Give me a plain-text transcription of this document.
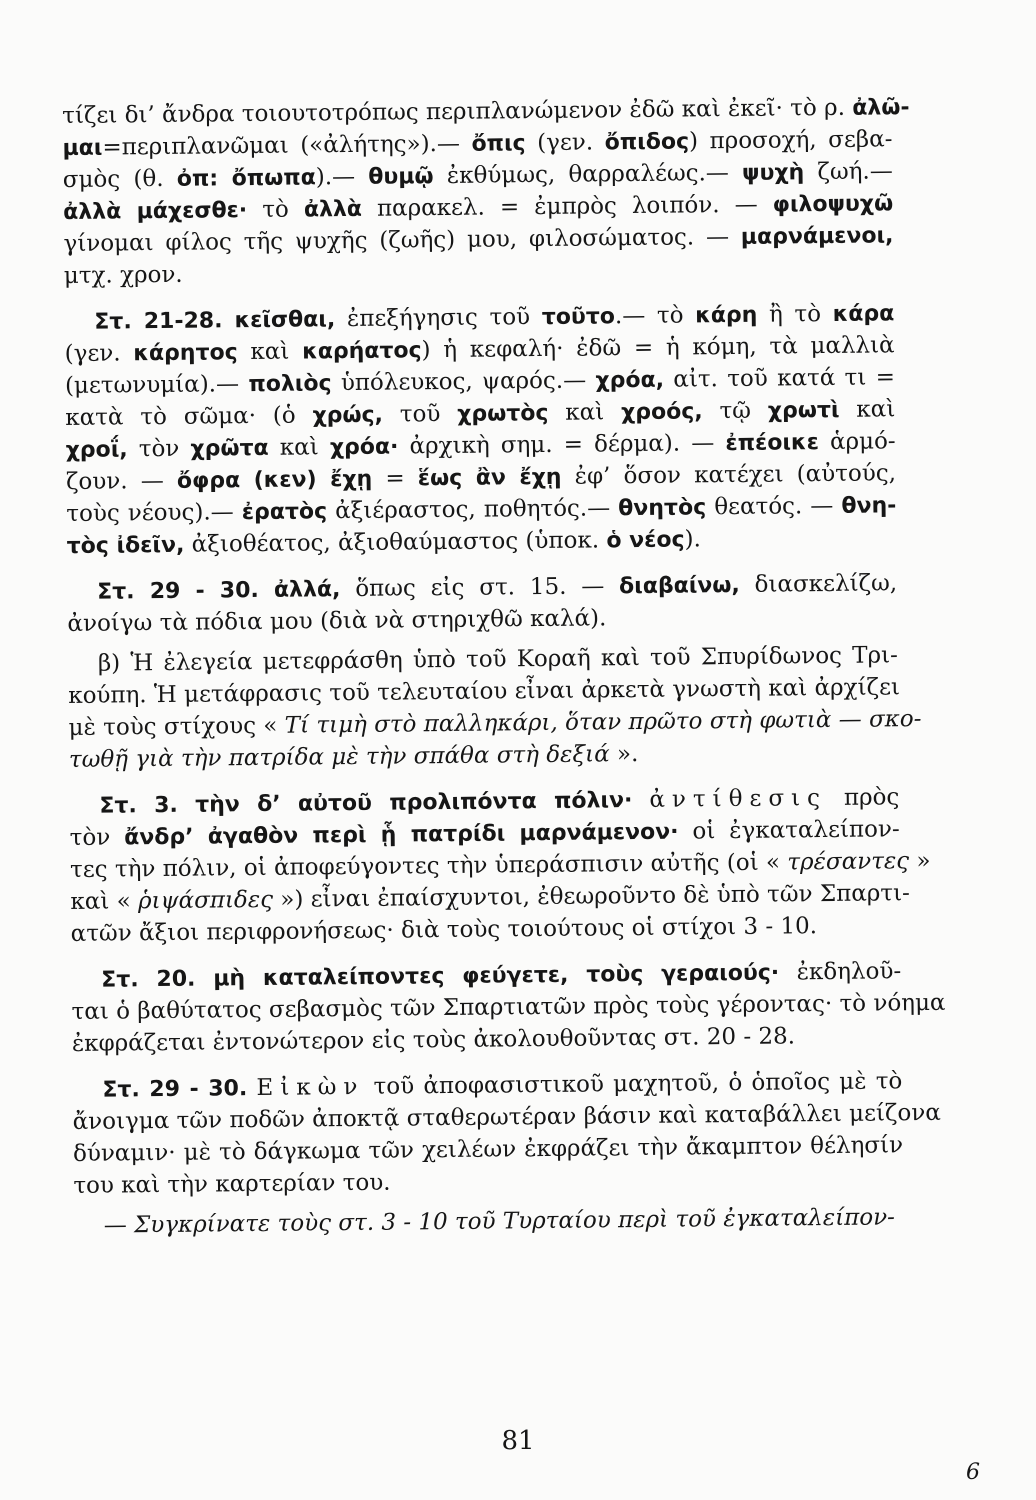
τίζει δι’ ἄνδρα τοιουτοτρόπως περιπλανώμενον ἐδῶ καὶ ἐκεῖ· τὸ ρ. ἀλῶ-
μαι=περιπλανῶμαι («ἀλήτης»).— ὄπις (γεν. ὄπιδος) προσοχή, σεβα-
σμὸς (θ. ὀπ: ὄπωπα).— θυμῷ ἐκθύμως, θαρραλέως.— ψυχὴ ζωή.—
ἀλλὰ μάχεσθε· τὸ ἀλλὰ παρακελ. = ἐμπρὸς λοιπόν. — φιλοψυχῶ
γίνομαι φίλος τῆς ψυχῆς (ζωῆς) μου, φιλοσώματος. — μαρνάμενοι,
μτχ. χρον.
Στ. 21-28. κεῖσθαι, ἐπεξήγησις τοῦ τοῦτο.— τὸ κάρη ἢ τὸ κάρα
(γεν. κάρητος καὶ καρήατος) ἡ κεφαλή· ἐδῶ = ἡ κόμη, τὰ μαλλιὰ
(μετωνυμία).— πολιὸς ὑπόλευκος, ψαρός.— χρόα, αἰτ. τοῦ κατά τι =
κατὰ τὸ σῶμα· (ὁ χρώς, τοῦ χρωτὸς καὶ χροός, τῷ χρωτὶ καὶ
χροΐ, τὸν χρῶτα καὶ χρόα· ἀρχικὴ σημ. = δέρμα). — ἐπέοικε ἁρμό-
ζουν. — ὄφρα (κεν) ἔχῃ = ἕως ἂν ἔχῃ ἐφ’ ὅσον κατέχει (αὐτούς,
τοὺς νέους).— ἐρατὸς ἀξιέραστος, ποθητός.— θνητὸς θεατός. — θνη-
τὸς ἰδεῖν, ἀξιοθέατος, ἀξιοθαύμαστος (ὑποκ. ὁ νέος).
Στ. 29 - 30. ἀλλά, ὅπως εἰς στ. 15. — διαβαίνω, διασκελίζω,
ἀνοίγω τὰ πόδια μου (διὰ νὰ στηριχθῶ καλά).
β) Ἡ ἐλεγεία μετεφράσθη ὑπὸ τοῦ Κοραῆ καὶ τοῦ Σπυρίδωνος Τρι-
κούπη. Ἡ μετάφρασις τοῦ τελευταίου εἶναι ἀρκετὰ γνωστὴ καὶ ἀρχίζει
μὲ τοὺς στίχους « Τί τιμὴ στὸ παλληκάρι, ὅταν πρῶτο στὴ φωτιὰ — σκο-
τωθῇ γιὰ τὴν πατρίδα μὲ τὴν σπάθα στὴ δεξιά ».
Στ. 3. τὴν δ’ αὐτοῦ προλιπόντα πόλιν· ἀντίθεσις πρὸς
τὸν ἄνδρ’ ἀγαθὸν περὶ ᾗ πατρίδι μαρνάμενον· οἱ ἐγκαταλείπον-
τες τὴν πόλιν, οἱ ἀποφεύγοντες τὴν ὑπεράσπισιν αὐτῆς (οἱ « τρέσαντες »
καὶ « ῥιψάσπιδες ») εἶναι ἐπαίσχυντοι, ἐθεωροῦντο δὲ ὑπὸ τῶν Σπαρτι-
ατῶν ἄξιοι περιφρονήσεως· διὰ τοὺς τοιούτους οἱ στίχοι 3 - 10.
Στ. 20. μὴ καταλείποντες φεύγετε, τοὺς γεραιούς· ἐκδηλοῦ-
ται ὁ βαθύτατος σεβασμὸς τῶν Σπαρτιατῶν πρὸς τοὺς γέροντας· τὸ νόημα
ἐκφράζεται ἐντονώτερον εἰς τοὺς ἀκολουθοῦντας στ. 20 - 28.
Στ. 29 - 30. Εἰκὼν τοῦ ἀποφασιστικοῦ μαχητοῦ, ὁ ὁποῖος μὲ τὸ
ἄνοιγμα τῶν ποδῶν ἀποκτᾷ σταθερωτέραν βάσιν καὶ καταβάλλει μείζονα
δύναμιν· μὲ τὸ δάγκωμα τῶν χειλέων ἐκφράζει τὴν ἄκαμπτον θέλησίν
του καὶ τὴν καρτερίαν του.
— Συγκρίνατε τοὺς στ. 3 - 10 τοῦ Τυρταίου περὶ τοῦ ἐγκαταλείπον-
81
6
